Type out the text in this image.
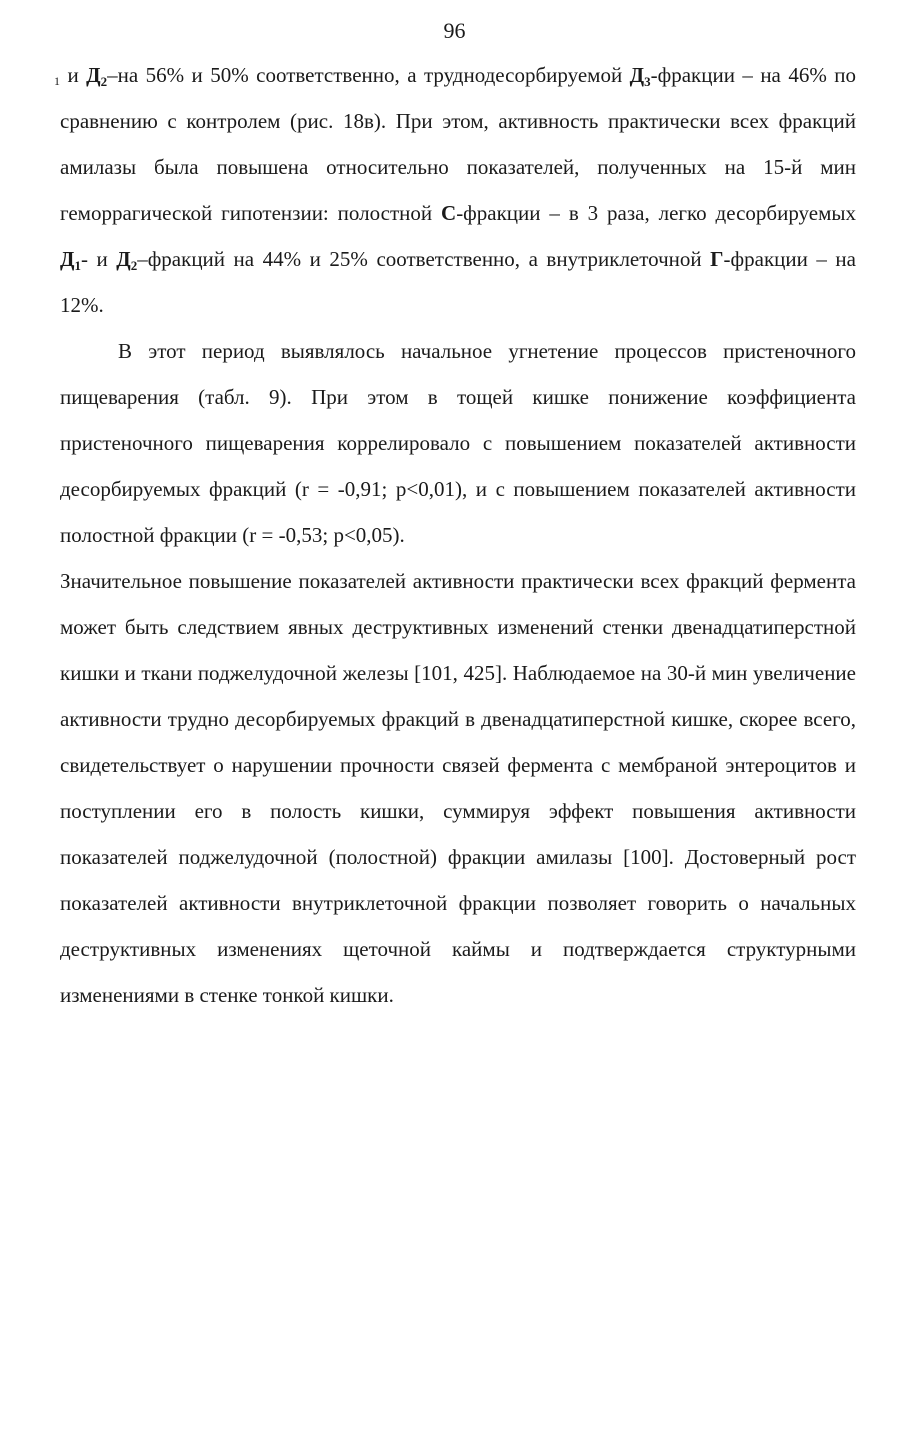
96

$_1$ и $Д_2-на$ 56% и 50% соответственно, а труднодесорбируемой $Д_3$-фракции – на 46% по сравнению с контролем (рис. 18в). При этом, активность практически всех фракций амилазы была повышена относительно показателей, полученных на 15-й мин геморрагической гипотензии: полостной С-фракции – в 3 раза, легко десорбируемых $Д_1-$ и $Д_2$–фракций на 44% и 25% соответственно, а внутриклеточной Г-фракции – на 12%.

В этот период выявлялось начальное угнетение процессов пристеночного пищеварения (табл. 9). При этом в тощей кишке понижение коэффициента пристеночного пищеварения коррелировало с повышением показателей активности десорбируемых фракций (r = -0,91; p<0,01), и с повышением показателей активности полостной фракции (r = -0,53; p<0,05).

Значительное повышение показателей активности практически всех фракций фермента может быть следствием явных деструктивных изменений стенки двенадцатиперстной кишки и ткани поджелудочной железы [101, 425]. Наблюдаемое на 30-й мин увеличение активности трудно десорбируемых фракций в двенадцатиперстной кишке, скорее всего, свидетельствует о нарушении прочности связей фермента с мембраной энтероцитов и поступлении его в полость кишки, суммируя эффект повышения активности показателей поджелудочной (полостной) фракции амилазы [100]. Достоверный рост показателей активности внутриклеточной фракции позволяет говорить о начальных деструктивных изменениях щеточной каймы и подтверждается структурными изменениями в стенке тонкой кишки.
